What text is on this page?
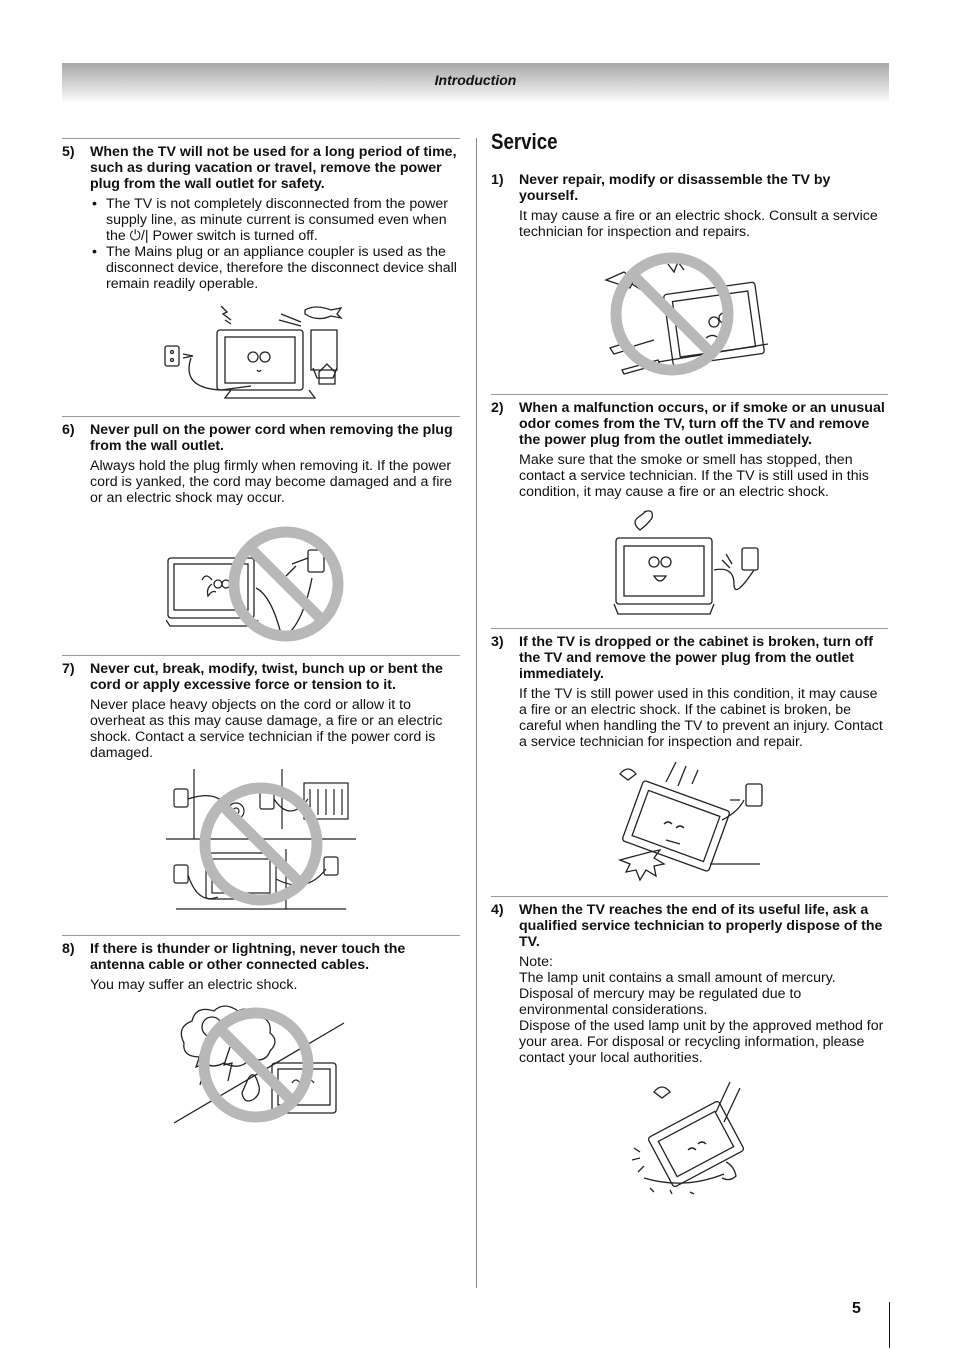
Introduction
5)	When the TV will not be used for a long period of time, such as during vacation or travel, remove the power plug from the wall outlet for safety.
• The TV is not completely disconnected from the power supply line, as minute current is consumed even when the ⏻/| Power switch is turned off.
• The Mains plug or an appliance coupler is used as the disconnect device, therefore the disconnect device shall remain readily operable.
6)	Never pull on the power cord when removing the plug from the wall outlet.
Always hold the plug firmly when removing it. If the power cord is yanked, the cord may become damaged and a fire or an electric shock may occur.
7)	Never cut, break, modify, twist, bunch up or bent the cord or apply excessive force or tension to it.
Never place heavy objects on the cord or allow it to overheat as this may cause damage, a fire or an electric shock. Contact a service technician if the power cord is damaged.
8)	If there is thunder or lightning, never touch the antenna cable or other connected cables.
You may suffer an electric shock.
Service
1)	Never repair, modify or disassemble the TV by yourself.
It may cause a fire or an electric shock. Consult a service technician for inspection and repairs.
2)	When a malfunction occurs, or if smoke or an unusual odor comes from the TV, turn off the TV and remove the power plug from the outlet immediately.
Make sure that the smoke or smell has stopped, then contact a service technician. If the TV is still used in this condition, it may cause a fire or an electric shock.
3)	If the TV is dropped or the cabinet is broken, turn off the TV and remove the power plug from the outlet immediately.
If the TV is still power used in this condition, it may cause a fire or an electric shock. If the cabinet is broken, be careful when handling the TV to prevent an injury. Contact a service technician for inspection and repair.
4)	When the TV reaches the end of its useful life, ask a qualified service technician to properly dispose of the TV.
Note:
The lamp unit contains a small amount of mercury. Disposal of mercury may be regulated due to environmental considerations.
Dispose of the used lamp unit by the approved method for your area. For disposal or recycling information, please contact your local authorities.
5
